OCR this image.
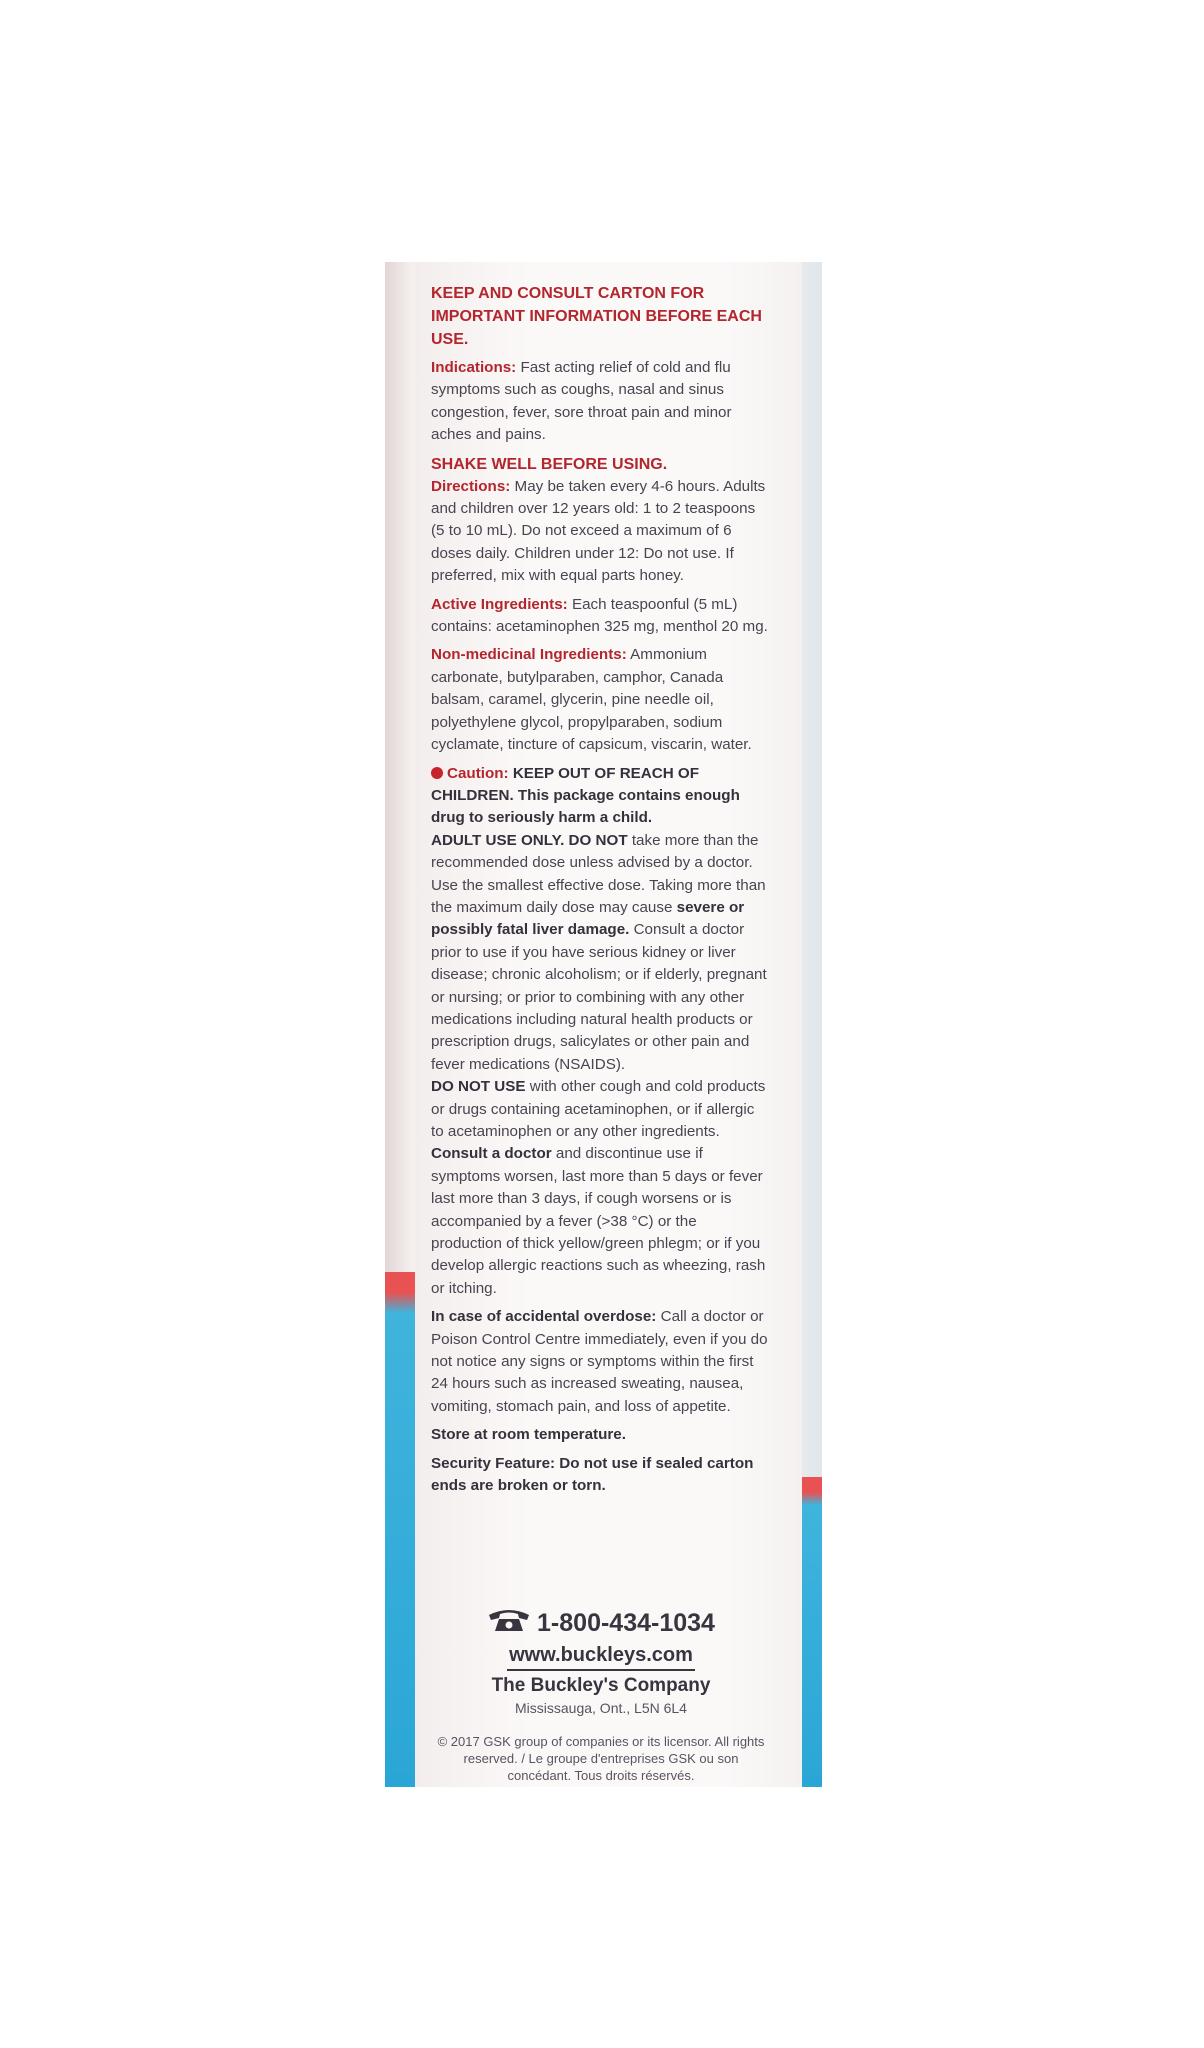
KEEP AND CONSULT CARTON FOR IMPORTANT INFORMATION BEFORE EACH USE.

Indications: Fast acting relief of cold and flu symptoms such as coughs, nasal and sinus congestion, fever, sore throat pain and minor aches and pains.

SHAKE WELL BEFORE USING.

Directions: May be taken every 4-6 hours. Adults and children over 12 years old: 1 to 2 teaspoons (5 to 10 mL). Do not exceed a maximum of 6 doses daily. Children under 12: Do not use. If preferred, mix with equal parts honey.

Active Ingredients: Each teaspoonful (5 mL) contains: acetaminophen 325 mg, menthol 20 mg.

Non-medicinal Ingredients: Ammonium carbonate, butylparaben, camphor, Canada balsam, caramel, glycerin, pine needle oil, polyethylene glycol, propylparaben, sodium cyclamate, tincture of capsicum, viscarin, water.

Caution: KEEP OUT OF REACH OF CHILDREN. This package contains enough drug to seriously harm a child.

ADULT USE ONLY. DO NOT take more than the recommended dose unless advised by a doctor. Use the smallest effective dose. Taking more than the maximum daily dose may cause severe or possibly fatal liver damage. Consult a doctor prior to use if you have serious kidney or liver disease; chronic alcoholism; or if elderly, pregnant or nursing; or prior to combining with any other medications including natural health products or prescription drugs, salicylates or other pain and fever medications (NSAIDS).

DO NOT USE with other cough and cold products or drugs containing acetaminophen, or if allergic to acetaminophen or any other ingredients.

Consult a doctor and discontinue use if symptoms worsen, last more than 5 days or fever last more than 3 days, if cough worsens or is accompanied by a fever (>38 °C) or the production of thick yellow/green phlegm; or if you develop allergic reactions such as wheezing, rash or itching.

In case of accidental overdose: Call a doctor or Poison Control Centre immediately, even if you do not notice any signs or symptoms within the first 24 hours such as increased sweating, nausea, vomiting, stomach pain, and loss of appetite.

Store at room temperature.

Security Feature: Do not use if sealed carton ends are broken or torn.

1-800-434-1034
www.buckleys.com
The Buckley's Company
Mississauga, Ont., L5N 6L4
© 2017 GSK group of companies or its licensor. All rights reserved. / Le groupe d'entreprises GSK ou son concédant. Tous droits réservés.
